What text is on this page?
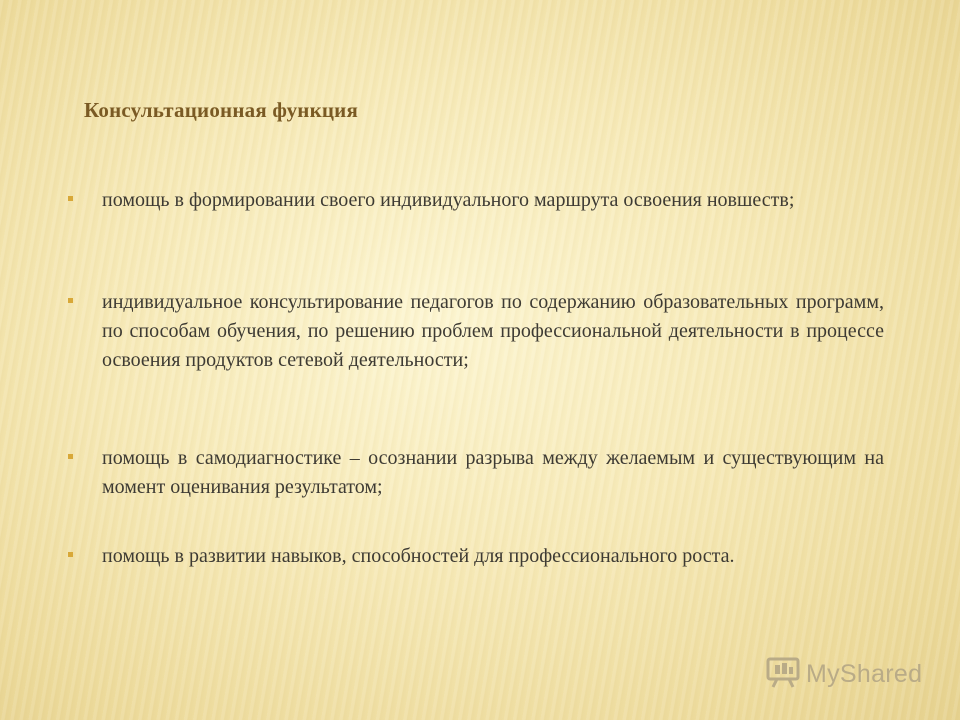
Консультационная функция
помощь в формировании своего индивидуального маршрута освоения новшеств;
индивидуальное консультирование педагогов по содержанию образовательных программ, по способам обучения, по решению проблем профессиональной деятельности в процессе освоения продуктов сетевой деятельности;
помощь в самодиагностике – осознании разрыва между желаемым и существующим на момент оценивания результатом;
помощь в развитии навыков, способностей для профессионального роста.
MyShared
